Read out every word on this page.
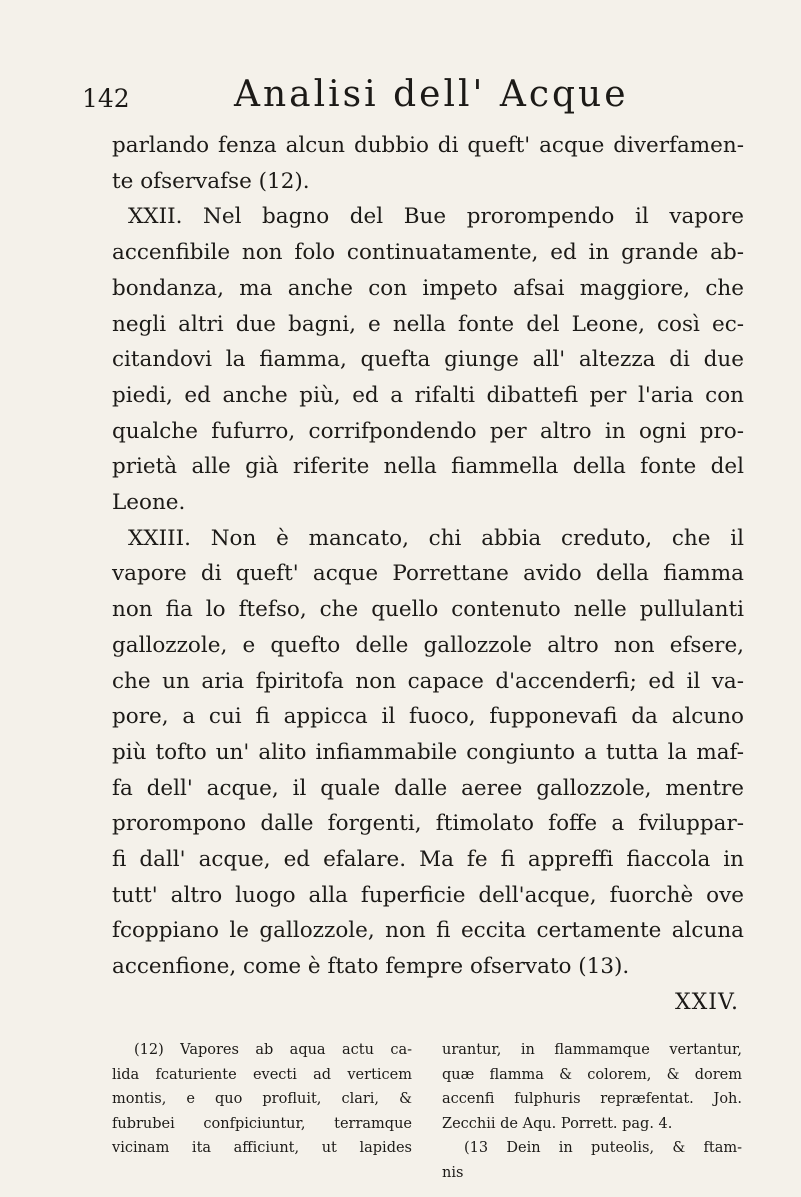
142	Analisi dell' Acque
parlando fenza alcun dubbio di queft' acque diverfamen-
te ofservafse (12).
XXII. Nel bagno del Bue prorompendo il vapore
accenfibile non folo continuatamente, ed in grande ab-
bondanza, ma anche con impeto afsai maggiore, che
negli altri due bagni, e nella fonte del Leone, così ec-
citandovi la fiamma, quefta giunge all' altezza di due
piedi, ed anche più, ed a rifalti dibattefi per l'aria con
qualche fufurro, corrifpondendo per altro in ogni pro-
prietà alle già riferite nella fiammella della fonte del
Leone.
XXIII. Non è mancato, chi abbia creduto, che il
vapore di queft' acque Porrettane avido della fiamma
non fia lo ftefso, che quello contenuto nelle pullulanti
gallozzole, e quefto delle gallozzole altro non efsere,
che un aria fpiritofa non capace d'accenderfi; ed il va-
pore, a cui fi appicca il fuoco, fupponevafi da alcuno
più tofto un' alito infiammabile congiunto a tutta la maf-
fa dell' acque, il quale dalle aeree gallozzole, mentre
prorompono dalle forgenti, ftimolato foffe a fviluppar-
fi dall' acque, ed efalare. Ma fe fi appreffi fiaccola in
tutt' altro luogo alla fuperficie dell'acque, fuorchè ove
fcoppiano le gallozzole, non fi eccita certamente alcuna
accenfione, come è ftato fempre ofservato (13).
XXIV.
(12) Vapores ab aqua actu ca-
lida fcaturiente evecti ad verticem
montis, e quo profluit, clari, &
fubrubei confpiciuntur, terramque
vicinam ita afficiunt, ut lapides
urantur, in flammamque vertantur,
quæ flamma & colorem, & dorem
accenfi fulphuris repræfentat. Joh.
Zecchii de Aqu. Porrett. pag. 4.
(13 Dein in puteolis, & ftam-
nis
